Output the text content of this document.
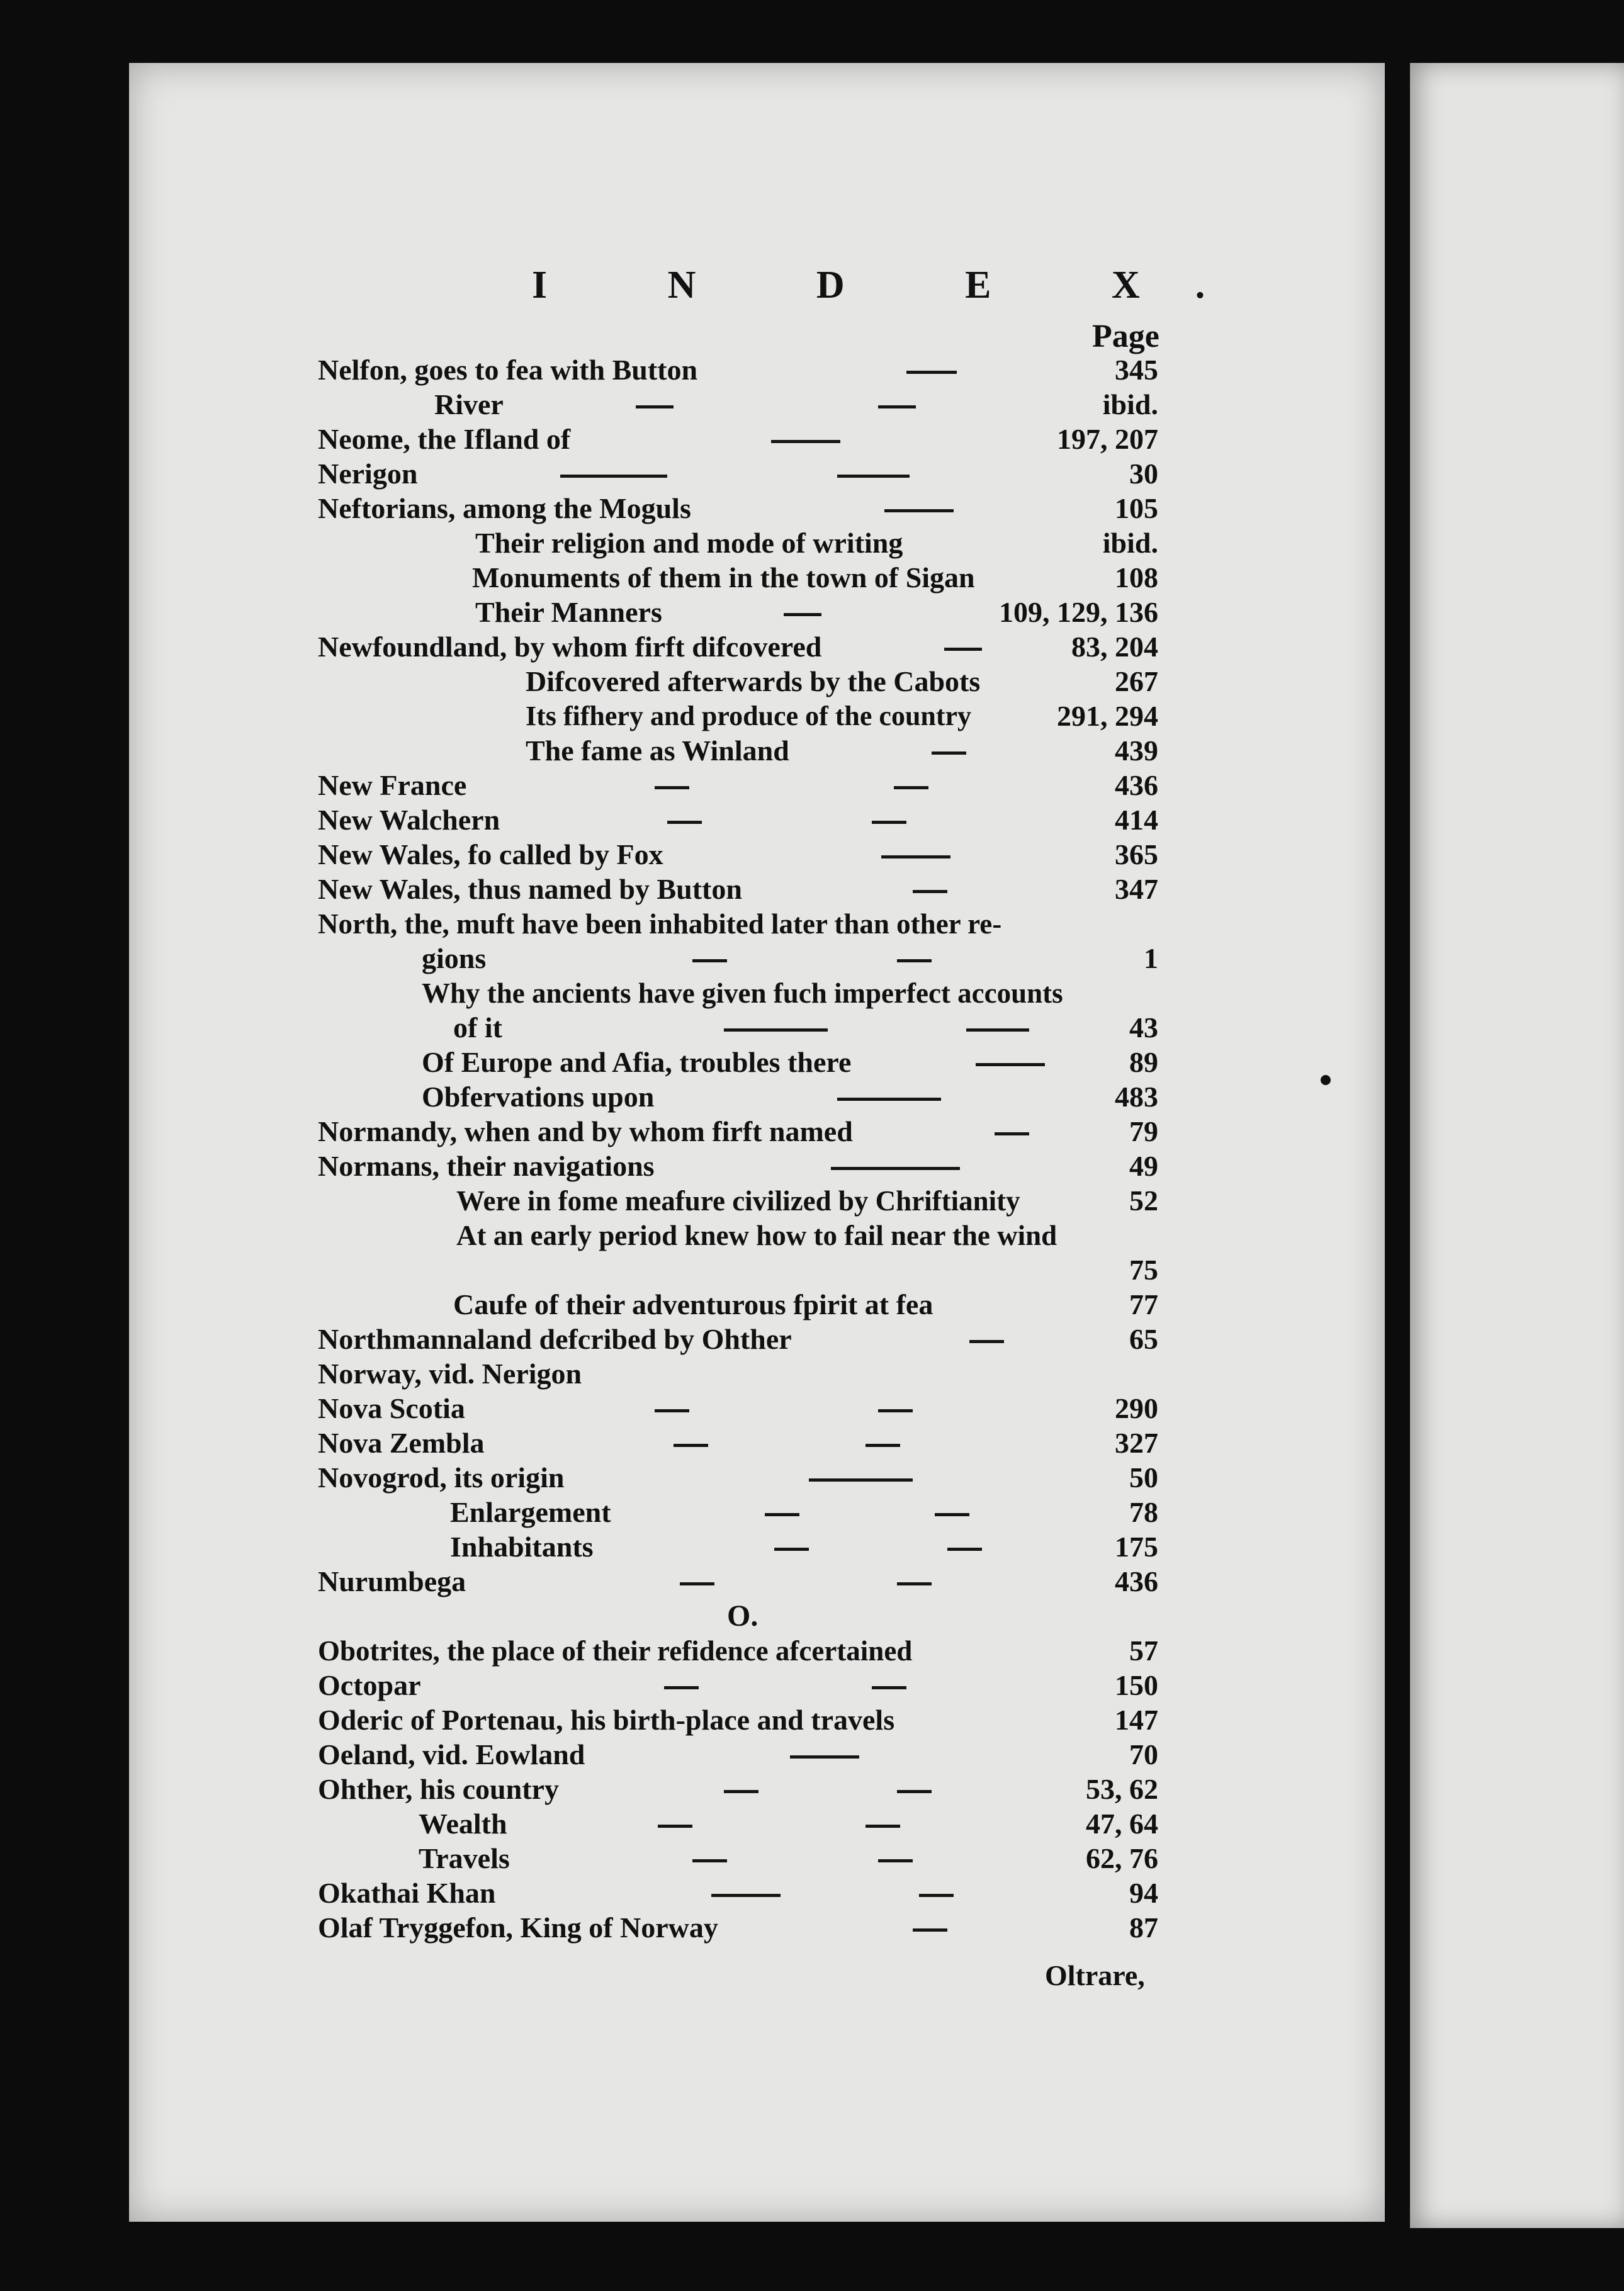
I N D E X.
Page
Nelfon, goes to fea with Button	345
River	ibid.
Neome, the Ifland of	197, 207
Nerigon	30
Neftorians, among the Moguls	105
Their religion and mode of writing	ibid.
Monuments of them in the town of Sigan	108
Their Manners	109, 129, 136
Newfoundland, by whom firft difcovered	83, 204
Difcovered afterwards by the Cabots	267
Its fifhery and produce of the country	291, 294
The fame as Winland	439
New France	436
New Walchern	414
New Wales, fo called by Fox	365
New Wales, thus named by Button	347
North, the, muft have been inhabited later than other re-
gions	1
Why the ancients have given fuch imperfect accounts
of it	43
Of Europe and Afia, troubles there	89
Obfervations upon	483
Normandy, when and by whom firft named	79
Normans, their navigations	49
Were in fome meafure civilized by Chriftianity	52
At an early period knew how to fail near the wind
75
Caufe of their adventurous fpirit at fea	77
Northmannaland defcribed by Ohther	65
Norway, vid. Nerigon
Nova Scotia	290
Nova Zembla	327
Novogrod, its origin	50
Enlargement	78
Inhabitants	175
Nurumbega	436
O.
Obotrites, the place of their refidence afcertained	57
Octopar	150
Oderic of Portenau, his birth-place and travels	147
Oeland, vid. Eowland	70
Ohther, his country	53, 62
Wealth	47, 64
Travels	62, 76
Okathai Khan	94
Olaf Tryggefon, King of Norway	87
Oltrare,
